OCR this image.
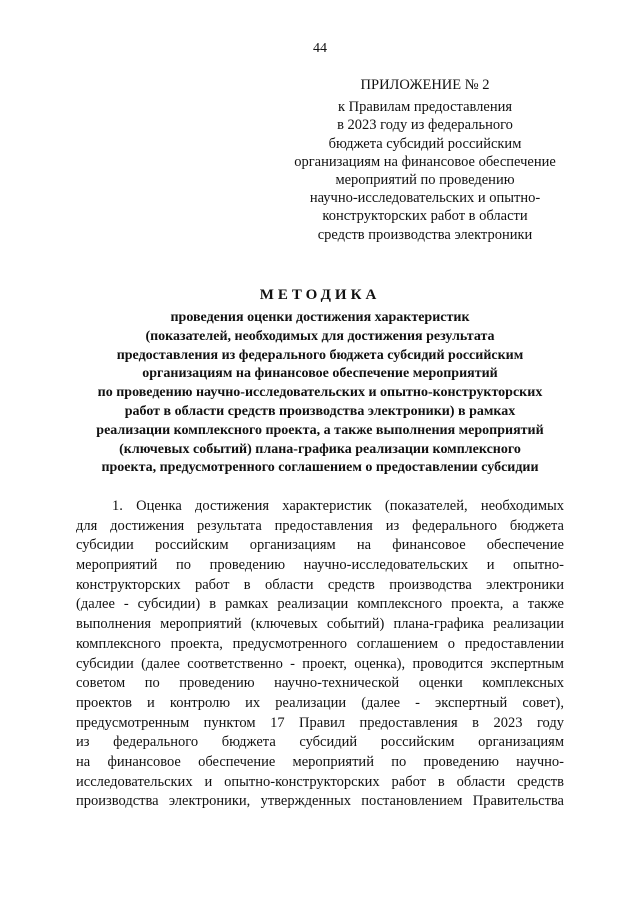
44
ПРИЛОЖЕНИЕ № 2
к Правилам предоставления
в 2023 году из федерального
бюджета субсидий российским
организациям на финансовое обеспечение
мероприятий по проведению
научно-исследовательских и опытно-
конструкторских работ в области
средств производства электроники
МЕТОДИКА
проведения оценки достижения характеристик
(показателей, необходимых для достижения результата
предоставления из федерального бюджета субсидий российским
организациям на финансовое обеспечение мероприятий
по проведению научно-исследовательских и опытно-конструкторских
работ в области средств производства электроники) в рамках
реализации комплексного проекта, а также выполнения мероприятий
(ключевых событий) плана-графика реализации комплексного
проекта, предусмотренного соглашением о предоставлении субсидии
1. Оценка достижения характеристик (показателей, необходимых
для достижения результата предоставления из федерального бюджета
субсидии российским организациям на финансовое обеспечение
мероприятий по проведению научно-исследовательских и опытно-
конструкторских работ в области средств производства электроники
(далее - субсидии) в рамках реализации комплексного проекта, а также
выполнения мероприятий (ключевых событий) плана-графика реализации
комплексного проекта, предусмотренного соглашением о предоставлении
субсидии (далее соответственно - проект, оценка), проводится экспертным
советом по проведению научно-технической оценки комплексных
проектов и контролю их реализации (далее - экспертный совет),
предусмотренным пунктом 17 Правил предоставления в 2023 году
из федерального бюджета субсидий российским организациям
на финансовое обеспечение мероприятий по проведению научно-
исследовательских и опытно-конструкторских работ в области средств
производства электроники, утвержденных постановлением Правительства
